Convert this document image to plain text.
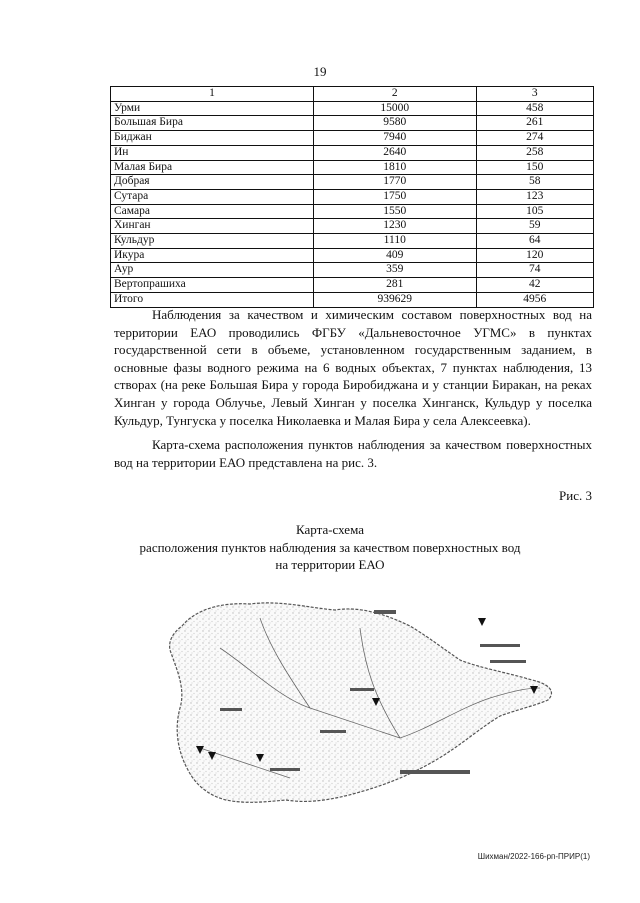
19
1	2	3
Урми	15000	458
Большая Бира	9580	261
Биджан	7940	274
Ин	2640	258
Малая Бира	1810	150
Добрая	1770	58
Сутара	1750	123
Самара	1550	105
Хинган	1230	59
Кульдур	1110	64
Икура	409	120
Аур	359	74
Вертопрашиха	281	42
Итого	939629	4956

Наблюдения за качеством и химическим составом поверхностных вод на территории ЕАО проводились ФГБУ «Дальневосточное УГМС» в пунктах государственной сети в объеме, установленном государственным заданием, в основные фазы водного режима на 6 водных объектах, 7 пунктах наблюдения, 13 створах (на реке Большая Бира у города Биробиджана и у станции Биракан, на реках Хинган у города Облучье, Левый Хинган у поселка Хинганск, Кульдур у поселка Кульдур, Тунгуска у поселка Николаевка и Малая Бира у села Алексеевка).

Карта-схема расположения пунктов наблюдения за качеством поверхностных вод на территории ЕАО представлена на рис. 3.

Рис. 3
Карта-схема
расположения пунктов наблюдения за качеством поверхностных вод
на территории ЕАО
Шихман/2022-166-рп-ПРИР(1)
